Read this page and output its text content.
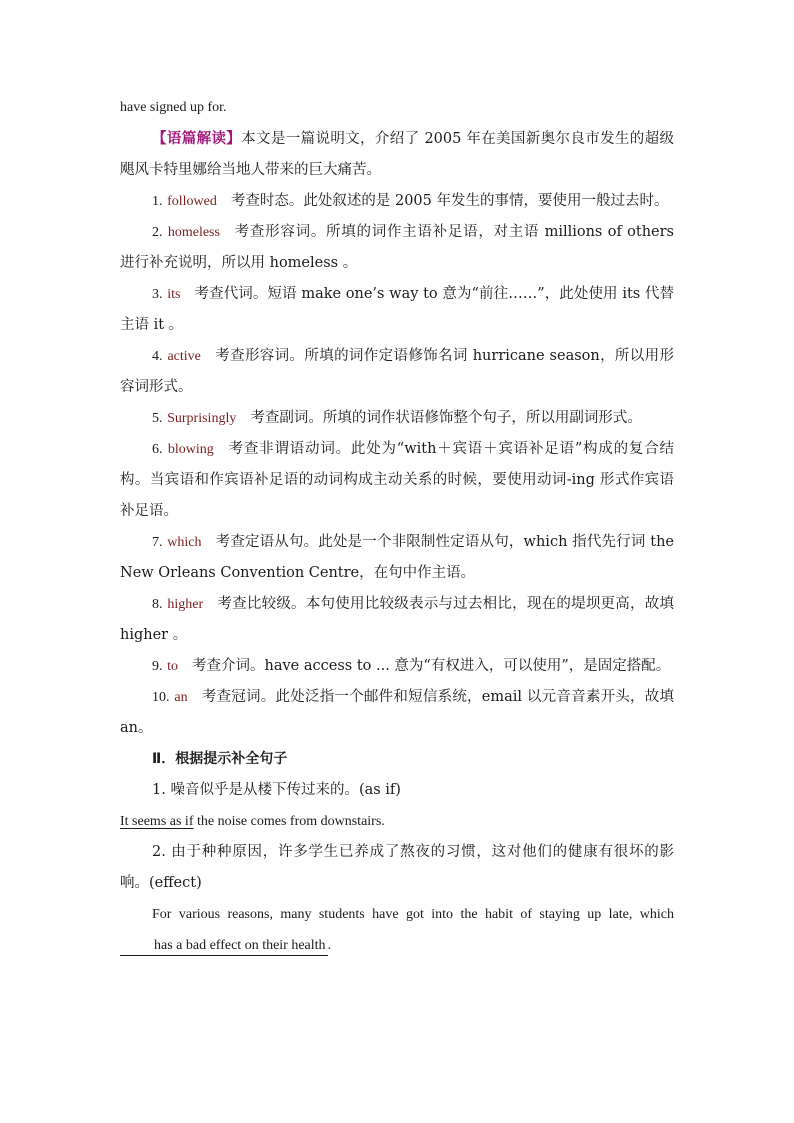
have signed up for.

【语篇解读】本文是一篇说明文，介绍了 2005 年在美国新奥尔良市发生的超级飓风卡特里娜给当地人带来的巨大痛苦。

1. followed 考查时态。此处叙述的是 2005 年发生的事情，要使用一般过去时。

2. homeless 考查形容词。所填的词作主语补足语，对主语 millions of others 进行补充说明，所以用 homeless 。

3. its 考查代词。短语 make one’s way to 意为“前往……”，此处使用 its 代替主语 it 。

4. active 考查形容词。所填的词作定语修饰名词 hurricane season，所以用形容词形式。

5. Surprisingly 考查副词。所填的词作状语修饰整个句子，所以用副词形式。

6. blowing 考查非谓语动词。此处为“with＋宾语＋宾语补足语”构成的复合结构。当宾语和作宾语补足语的动词构成主动关系的时候，要使用动词-ing 形式作宾语补足语。

7. which 考查定语从句。此处是一个非限制性定语从句，which 指代先行词 the New Orleans Convention Centre，在句中作主语。

8. higher 考查比较级。本句使用比较级表示与过去相比，现在的堤坝更高，故填 higher 。

9. to 考查介词。have access to ... 意为“有权进入，可以使用”，是固定搭配。

10. an 考查冠词。此处泛指一个邮件和短信系统，email 以元音音素开头，故填 an。

Ⅱ．根据提示补全句子

1. 噪音似乎是从楼下传过来的。(as if)

It seems as if the noise comes from downstairs.

2. 由于种种原因，许多学生已养成了熬夜的习惯，这对他们的健康有很坏的影响。(effect)

For various reasons, many students have got into the habit of staying up late, which has a bad effect on their health .
